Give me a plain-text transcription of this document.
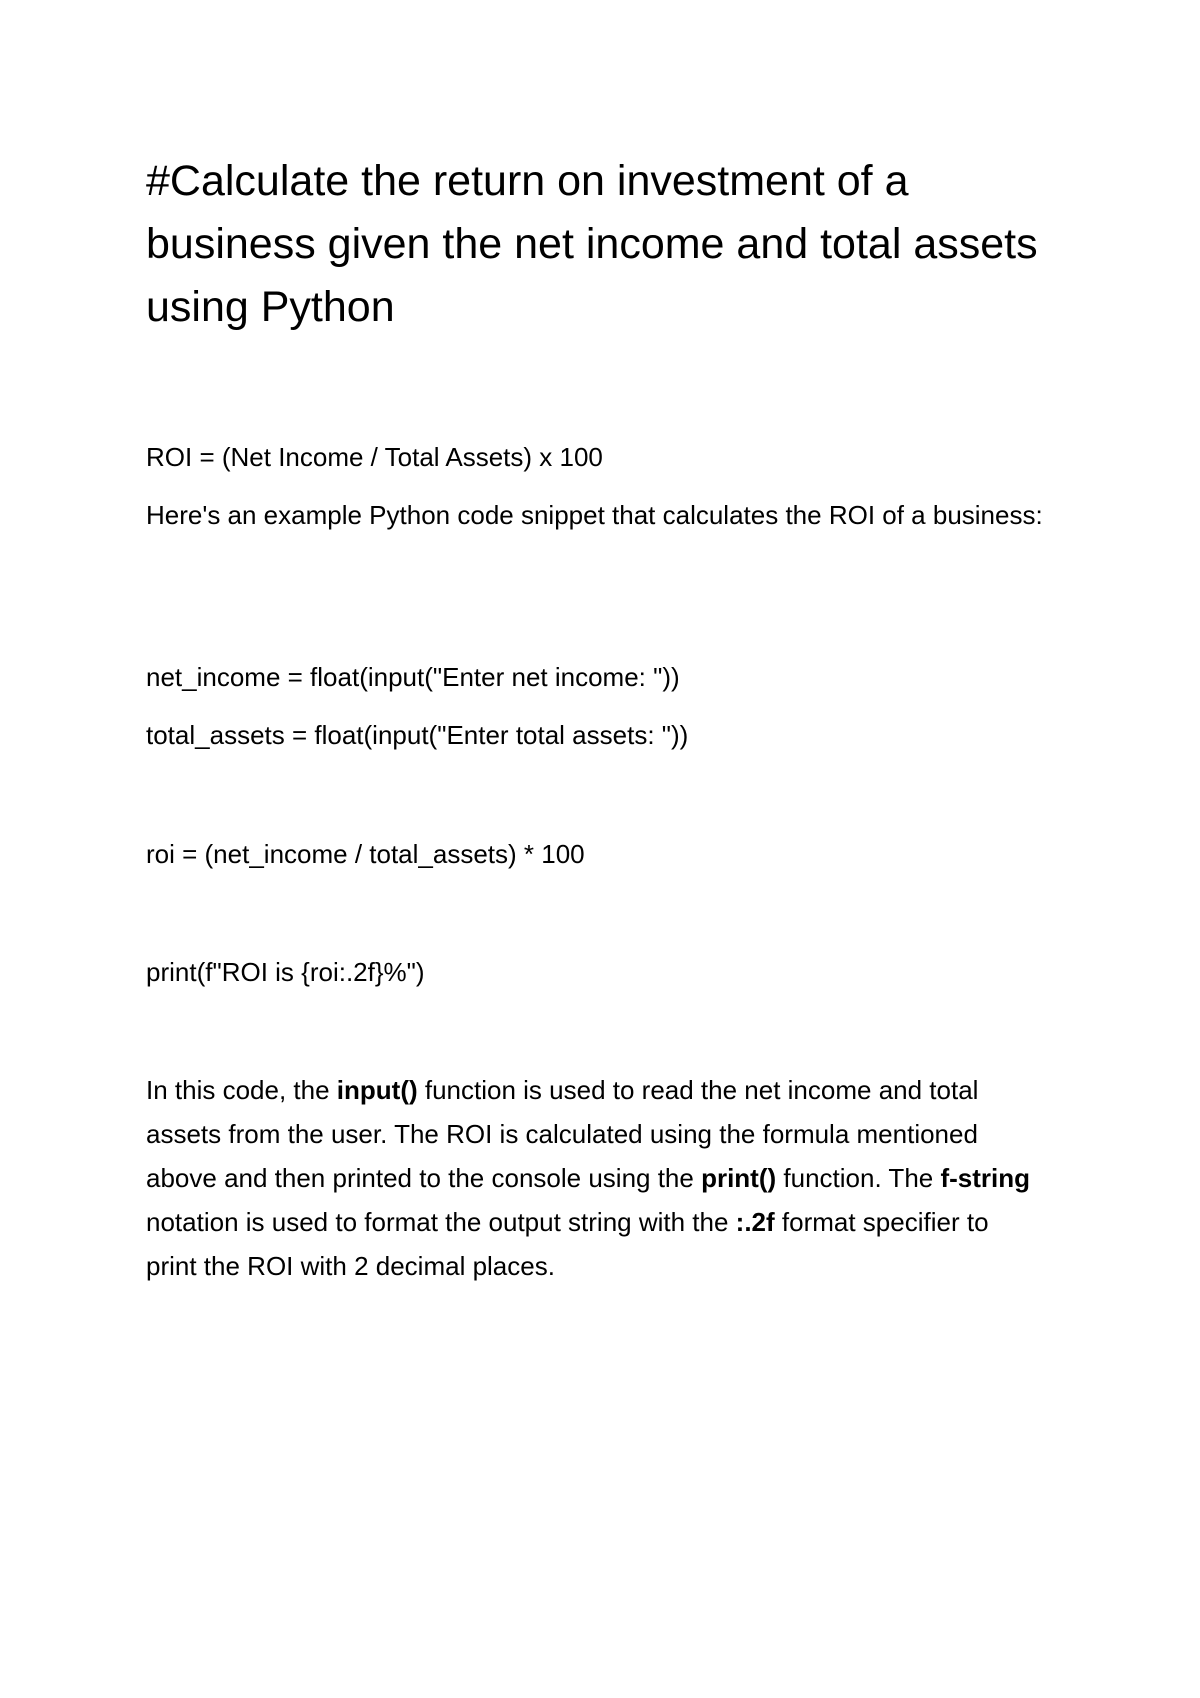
#Calculate the return on investment of a business given the net income and total assets using Python

ROI = (Net Income / Total Assets) x 100

Here's an example Python code snippet that calculates the ROI of a business:

net_income = float(input("Enter net income: "))

total_assets = float(input("Enter total assets: "))

roi = (net_income / total_assets) * 100

print(f"ROI is {roi:.2f}%")

In this code, the input() function is used to read the net income and total assets from the user. The ROI is calculated using the formula mentioned above and then printed to the console using the print() function. The f-string notation is used to format the output string with the :.2f format specifier to print the ROI with 2 decimal places.
